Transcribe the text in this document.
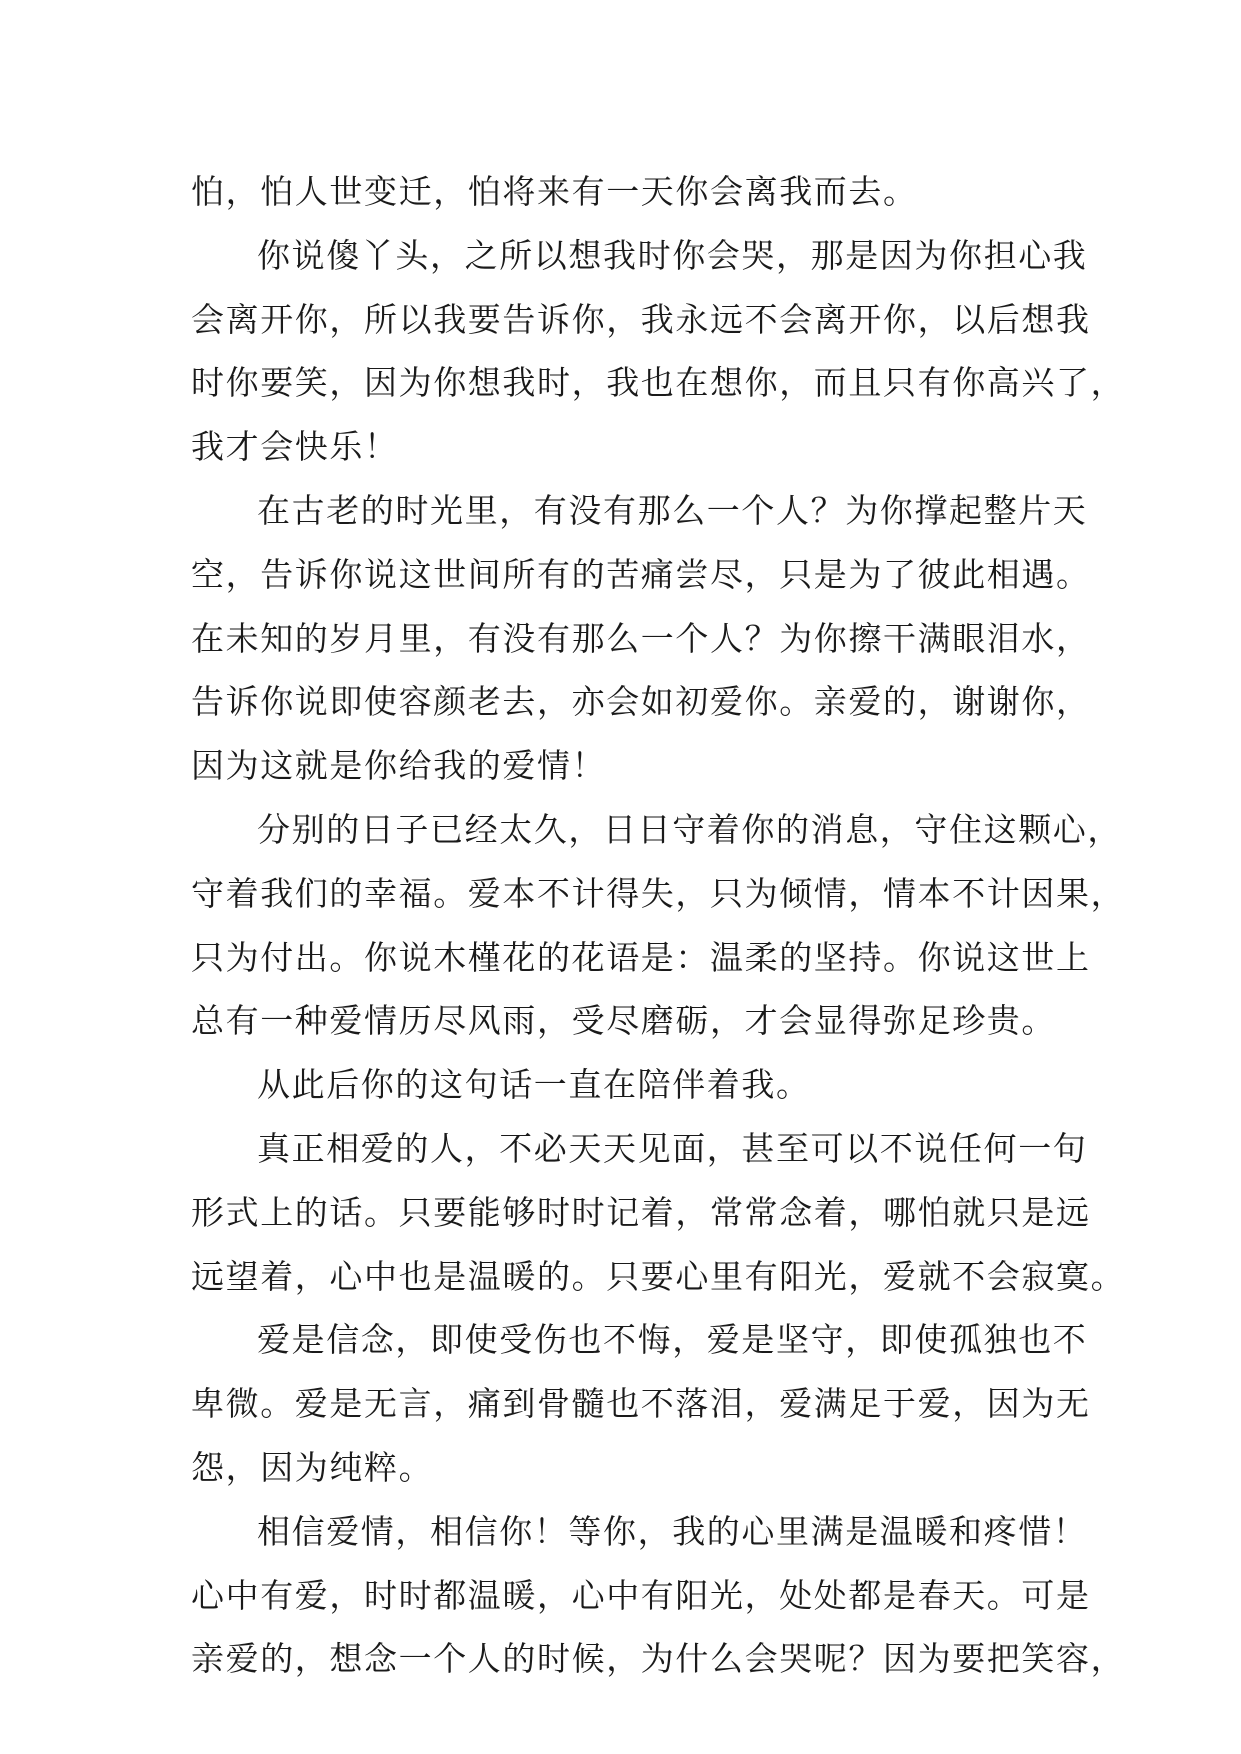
怕，怕人世变迁，怕将来有一天你会离我而去。
你说傻丫头，之所以想我时你会哭，那是因为你担心我
会离开你，所以我要告诉你，我永远不会离开你，以后想我
时你要笑，因为你想我时，我也在想你，而且只有你高兴了，
我才会快乐！
在古老的时光里，有没有那么一个人？为你撑起整片天
空，告诉你说这世间所有的苦痛尝尽，只是为了彼此相遇。
在未知的岁月里，有没有那么一个人？为你擦干满眼泪水，
告诉你说即使容颜老去，亦会如初爱你。亲爱的，谢谢你，
因为这就是你给我的爱情！
分别的日子已经太久，日日守着你的消息，守住这颗心，
守着我们的幸福。爱本不计得失，只为倾情，情本不计因果，
只为付出。你说木槿花的花语是：温柔的坚持。你说这世上
总有一种爱情历尽风雨，受尽磨砺，才会显得弥足珍贵。
从此后你的这句话一直在陪伴着我。
真正相爱的人，不必天天见面，甚至可以不说任何一句
形式上的话。只要能够时时记着，常常念着，哪怕就只是远
远望着，心中也是温暖的。只要心里有阳光，爱就不会寂寞。
爱是信念，即使受伤也不悔，爱是坚守，即使孤独也不
卑微。爱是无言，痛到骨髓也不落泪，爱满足于爱，因为无
怨，因为纯粹。
相信爱情，相信你！等你，我的心里满是温暖和疼惜！
心中有爱，时时都温暖，心中有阳光，处处都是春天。可是
亲爱的，想念一个人的时候，为什么会哭呢？因为要把笑容，
